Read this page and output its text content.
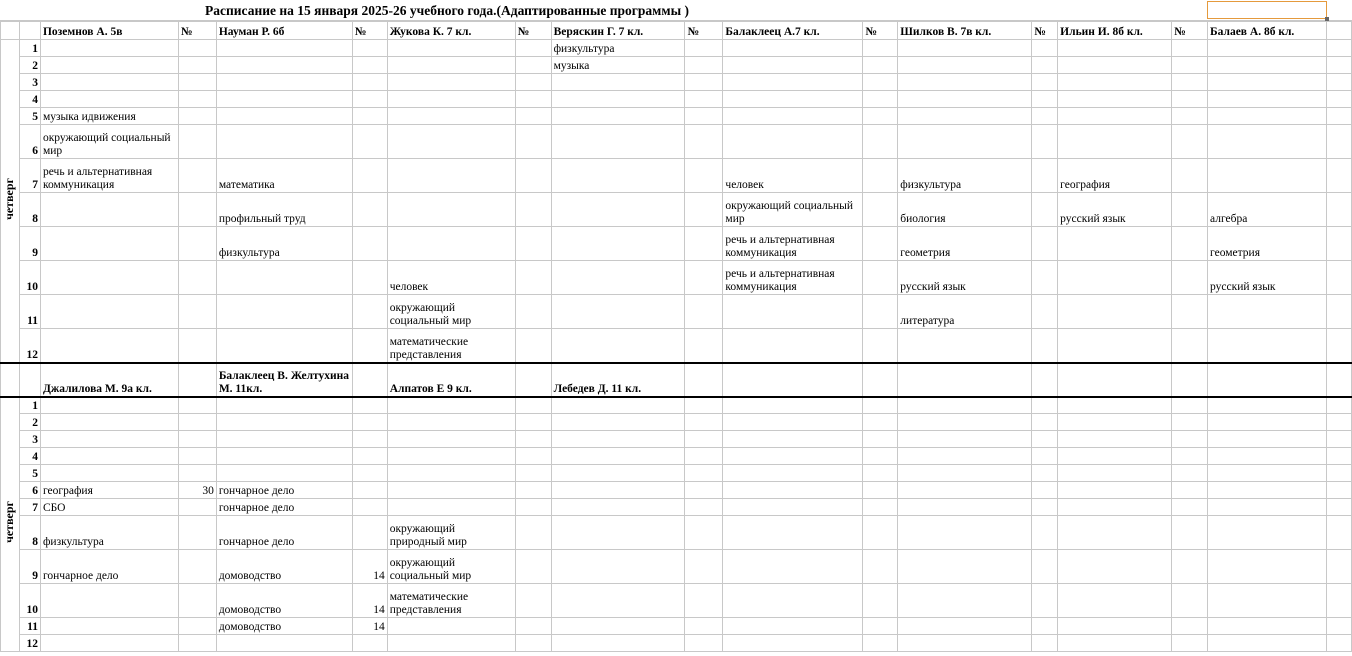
Расписание на 15 января 2025-26 учебного года.(Адаптированные программы )
		Поземнов А. 5в	№	Науман Р. 6б	№	Жукова К. 7 кл.	№	Веряскин Г. 7 кл.	№	Балаклеец А.7 кл.	№	Шилков В. 7в кл.	№	Ильин И. 8б кл.	№	Балаев А. 8б кл.	
четверг	1							физкультура									
	2							музыка									
	3																
	4																
	5	музыка идвижения															
	6	окружающий социальный мир															
	7	речь и альтернативная коммуникация		математика						человек		физкультура		география			
	8			профильный труд						окружающий социальный мир		биология		русский язык		алгебра	
	9			физкультура						речь и альтернативная коммуникация		геометрия				геометрия	
	10					человек				речь и альтернативная коммуникация		русский язык				русский язык	
	11					окружающий социальный мир						литература					
	12					математические представления											
		Джалилова М. 9а кл.		Балаклеец В. Желтухина М. 11кл.		Алпатов Е 9 кл.		Лебедев Д. 11 кл.									
четверг	1																
	2																
	3																
	4																
	5																
	6	география	30	гончарное дело													
	7	СБО		гончарное дело													
	8	физкультура		гончарное дело		окружающий природный мир											
	9	гончарное дело		домоводство	14	окружающий социальный мир											
	10			домоводство	14	математические представления											
	11			домоводство	14												
	12																
